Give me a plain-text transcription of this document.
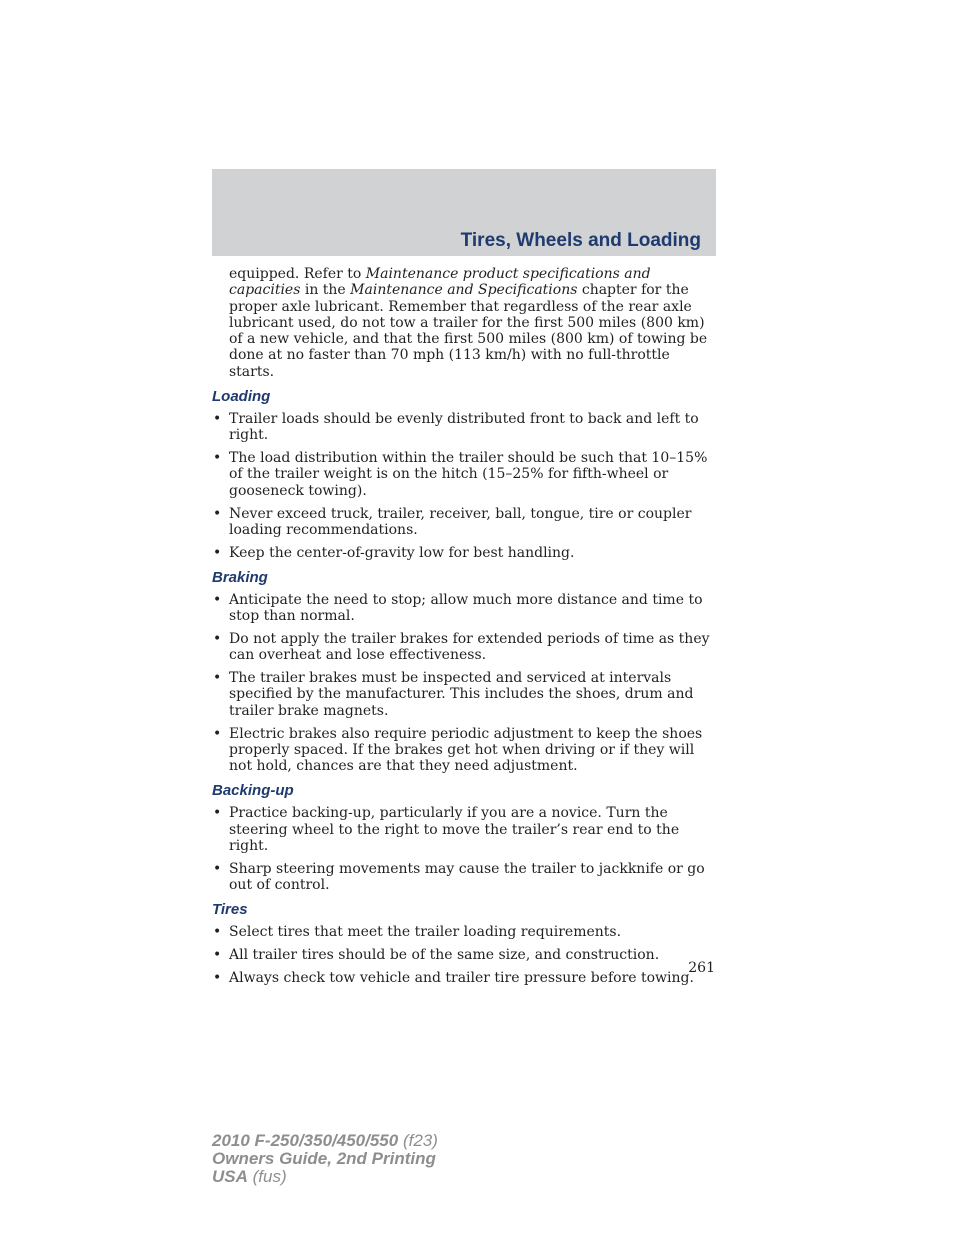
Tires, Wheels and Loading

equipped. Refer to Maintenance product specifications and capacities in the Maintenance and Specifications chapter for the proper axle lubricant. Remember that regardless of the rear axle lubricant used, do not tow a trailer for the first 500 miles (800 km) of a new vehicle, and that the first 500 miles (800 km) of towing be done at no faster than 70 mph (113 km/h) with no full-throttle starts.

Loading
• Trailer loads should be evenly distributed front to back and left to right.
• The load distribution within the trailer should be such that 10–15% of the trailer weight is on the hitch (15–25% for fifth-wheel or gooseneck towing).
• Never exceed truck, trailer, receiver, ball, tongue, tire or coupler loading recommendations.
• Keep the center-of-gravity low for best handling.
Braking
• Anticipate the need to stop; allow much more distance and time to stop than normal.
• Do not apply the trailer brakes for extended periods of time as they can overheat and lose effectiveness.
• The trailer brakes must be inspected and serviced at intervals specified by the manufacturer. This includes the shoes, drum and trailer brake magnets.
• Electric brakes also require periodic adjustment to keep the shoes properly spaced. If the brakes get hot when driving or if they will not hold, chances are that they need adjustment.
Backing-up
• Practice backing-up, particularly if you are a novice. Turn the steering wheel to the right to move the trailer’s rear end to the right.
• Sharp steering movements may cause the trailer to jackknife or go out of control.
Tires
• Select tires that meet the trailer loading requirements.
• All trailer tires should be of the same size, and construction.
• Always check tow vehicle and trailer tire pressure before towing.
261
2010 F-250/350/450/550 (f23)
Owners Guide, 2nd Printing
USA (fus)
